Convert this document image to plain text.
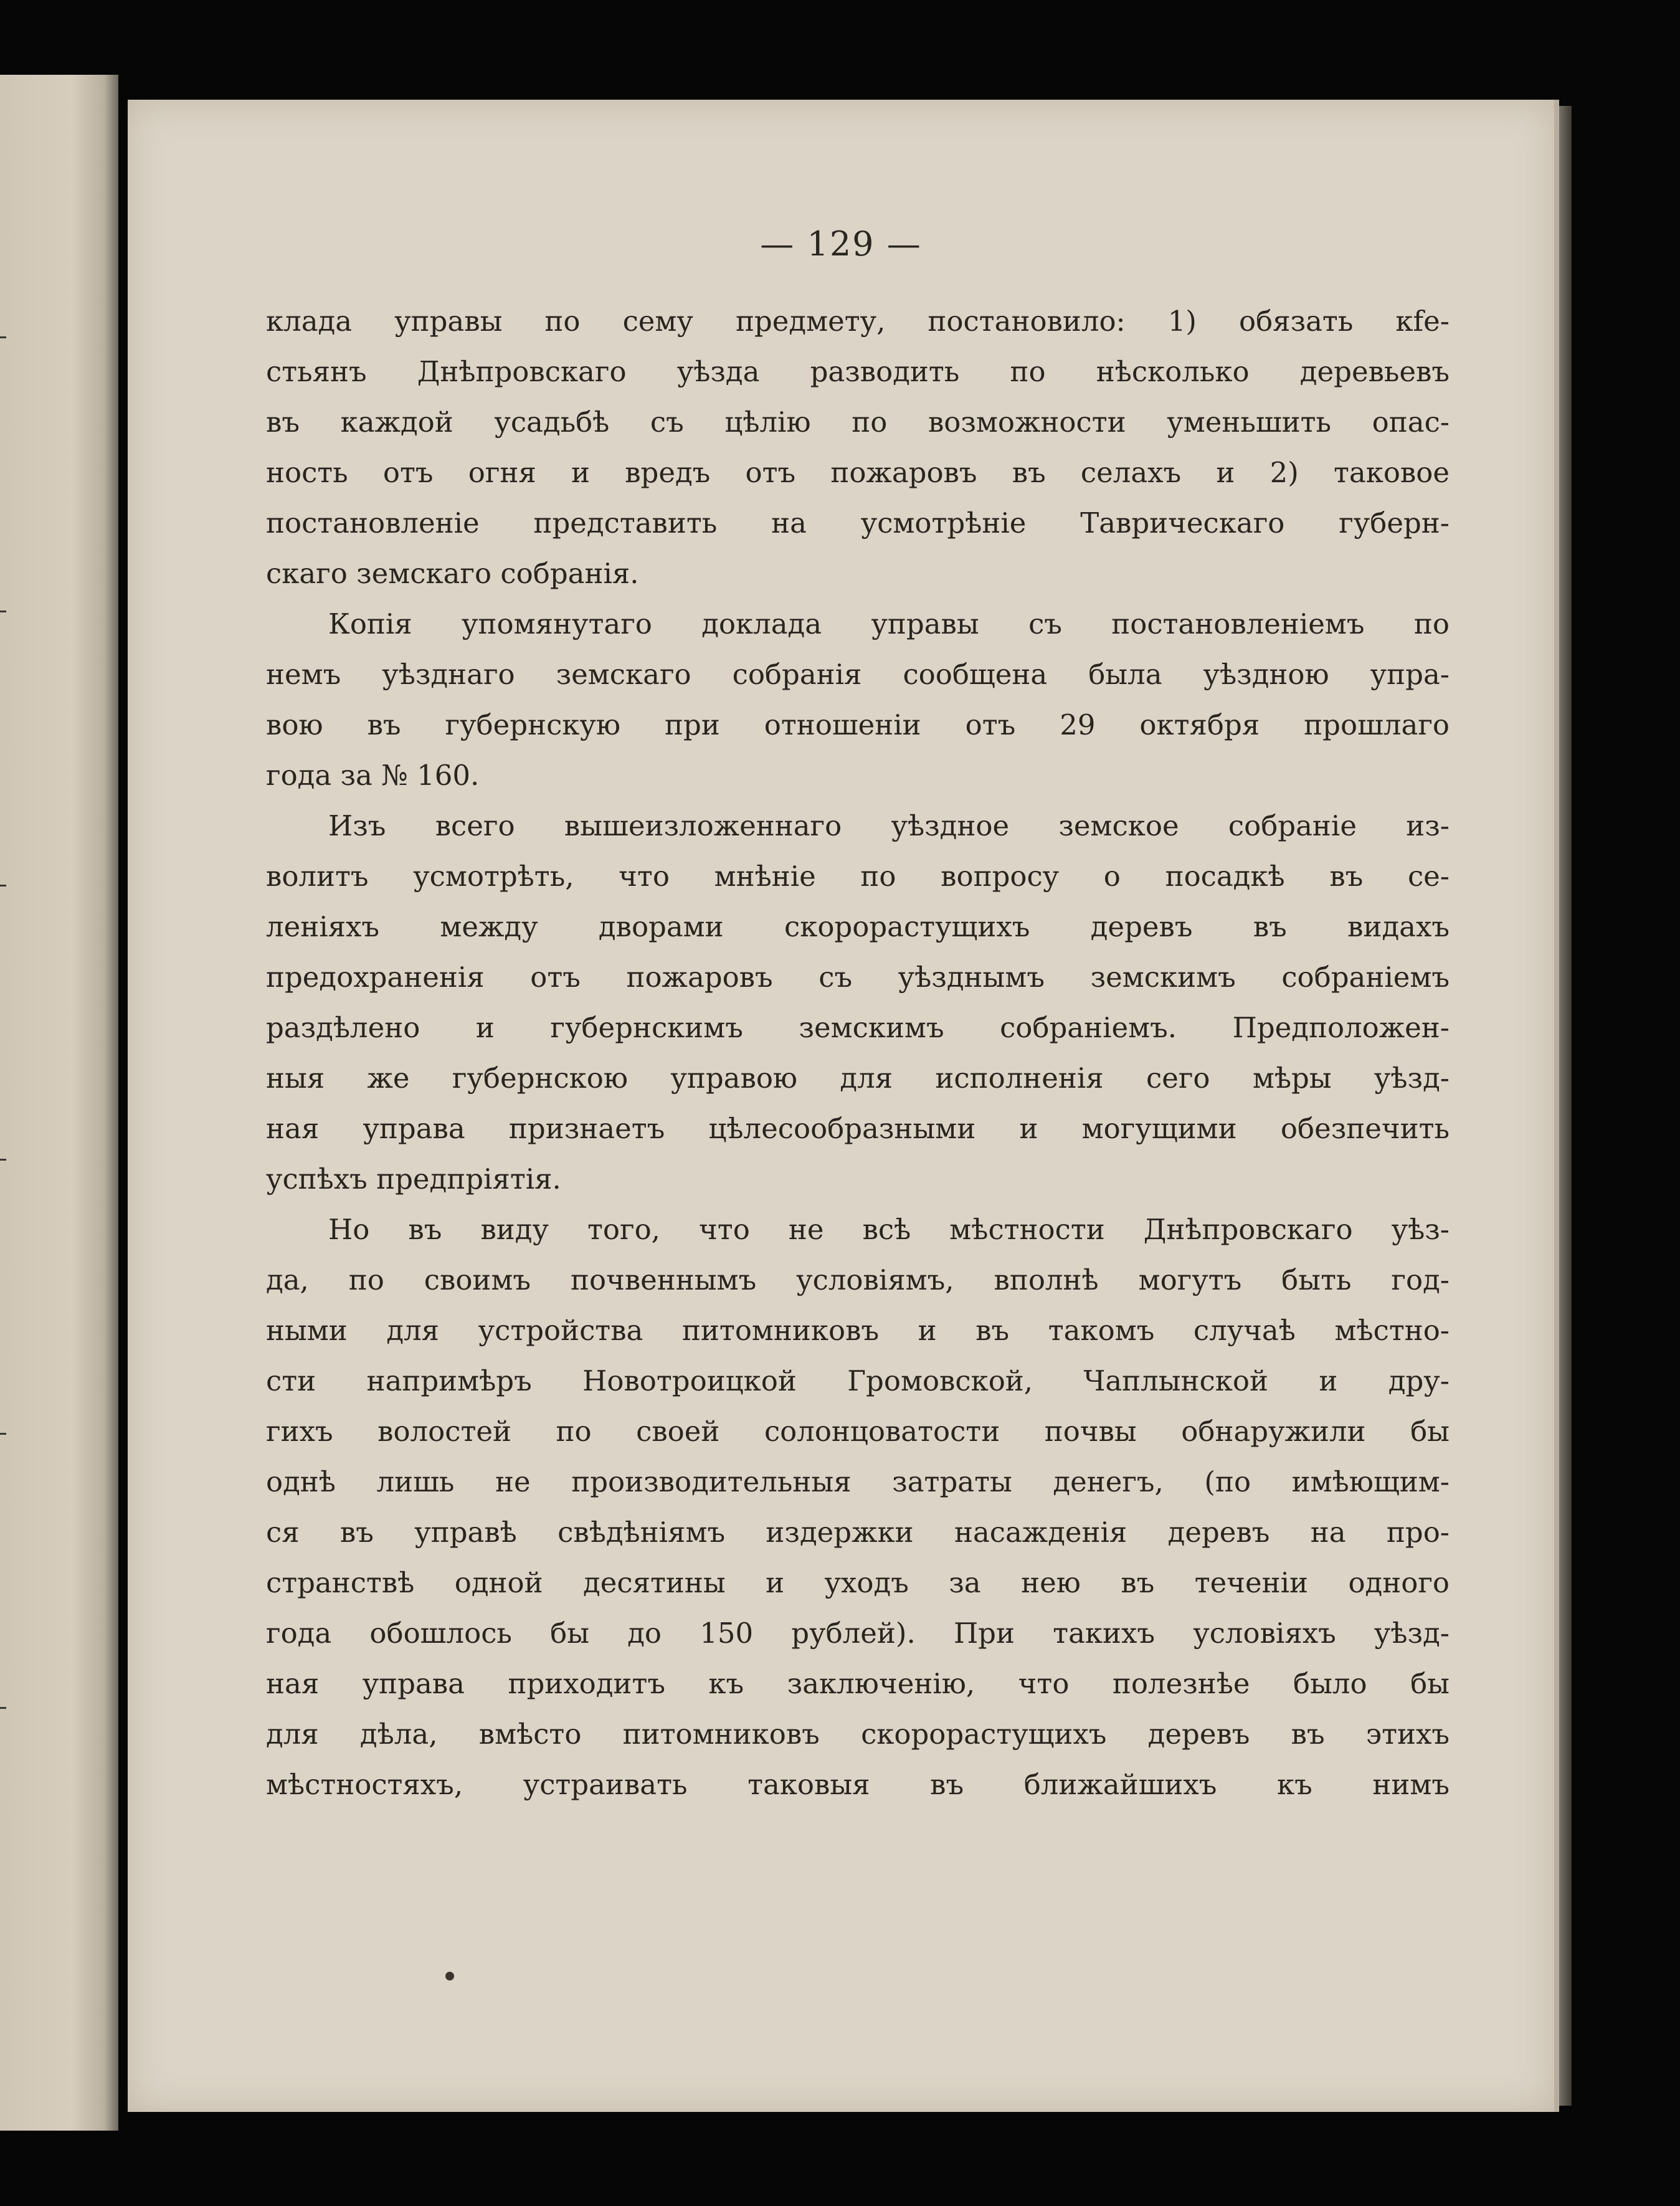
— 129 —
клада управы по сему предмету, постановило: 1) обязать кfе-
стьянъ Днѣпровскаго уѣзда разводить по нѣсколько деревьевъ
въ каждой усадьбѣ съ цѣлію по возможности уменьшить опас-
ность отъ огня и вредъ отъ пожаровъ въ селахъ и 2) таковое
постановленіе представить на усмотрѣніе Таврическаго губерн-
скаго земскаго собранія.
Копія упомянутаго доклада управы съ постановленіемъ по
немъ уѣзднаго земскаго собранія сообщена была уѣздною упра-
вою въ губернскую при отношеніи отъ 29 октября прошлаго
года за № 160.
Изъ всего вышеизложеннаго уѣздное земское собраніе из-
волитъ усмотрѣть, что мнѣніе по вопросу о посадкѣ въ се-
леніяхъ между дворами скорорастущихъ деревъ въ видахъ
предохраненія отъ пожаровъ съ уѣзднымъ земскимъ собраніемъ
раздѣлено и губернскимъ земскимъ собраніемъ. Предположен-
ныя же губернскою управою для исполненія сего мѣры уѣзд-
ная управа признаетъ цѣлесообразными и могущими обезпечить
успѣхъ предпріятія.
Но въ виду того, что не всѣ мѣстности Днѣпровскаго уѣз-
да, по своимъ почвеннымъ условіямъ, вполнѣ могутъ быть год-
ными для устройства питомниковъ и въ такомъ случаѣ мѣстно-
сти напримѣръ Новотроицкой Громовской, Чаплынской и дру-
гихъ волостей по своей солонцоватости почвы обнаружили бы
однѣ лишь не производительныя затраты денегъ, (по имѣющим-
ся въ управѣ свѣдѣніямъ издержки насажденія деревъ на про-
странствѣ одной десятины и уходъ за нею въ теченіи одного
года обошлось бы до 150 рублей). При такихъ условіяхъ уѣзд-
ная управа приходитъ къ заключенію, что полезнѣе было бы
для дѣла, вмѣсто питомниковъ скорорастущихъ деревъ въ этихъ
мѣстностяхъ, устраивать таковыя въ ближайшихъ къ нимъ
